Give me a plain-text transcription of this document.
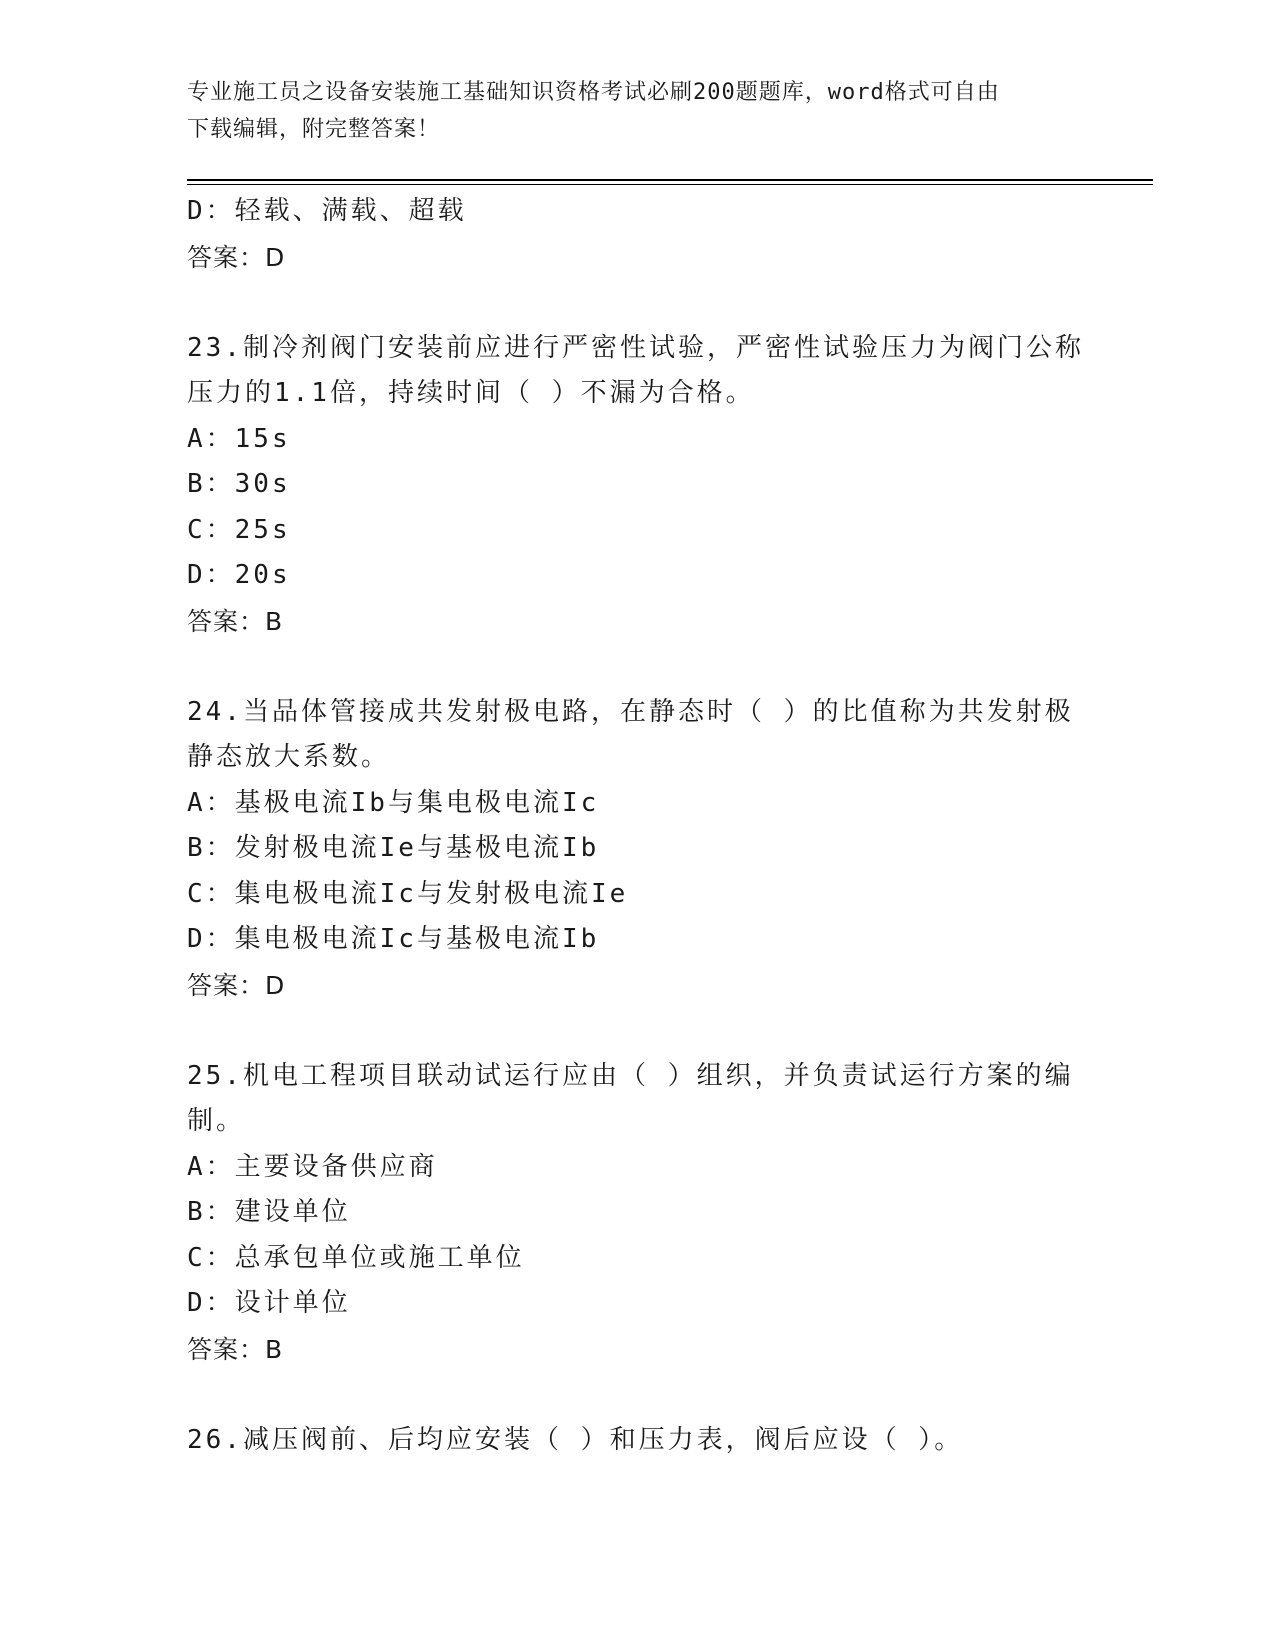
专业施工员之设备安装施工基础知识资格考试必刷200题题库，word格式可自由
下载编辑，附完整答案！
D：轻载、满载、超载
答案：D
23.制冷剂阀门安装前应进行严密性试验，严密性试验压力为阀门公称
压力的1.1倍，持续时间（ ）不漏为合格。
A：15s
B：30s
C：25s
D：20s
答案：B
24.当品体管接成共发射极电路，在静态时（ ）的比值称为共发射极
静态放大系数。
A：基极电流Ib与集电极电流Ic
B：发射极电流Ie与基极电流Ib
C：集电极电流Ic与发射极电流Ie
D：集电极电流Ic与基极电流Ib
答案：D
25.机电工程项目联动试运行应由（ ）组织，并负责试运行方案的编
制。
A：主要设备供应商
B：建设单位
C：总承包单位或施工单位
D：设计单位
答案：B
26.减压阀前、后均应安装（ ）和压力表，阀后应设（ ）。
